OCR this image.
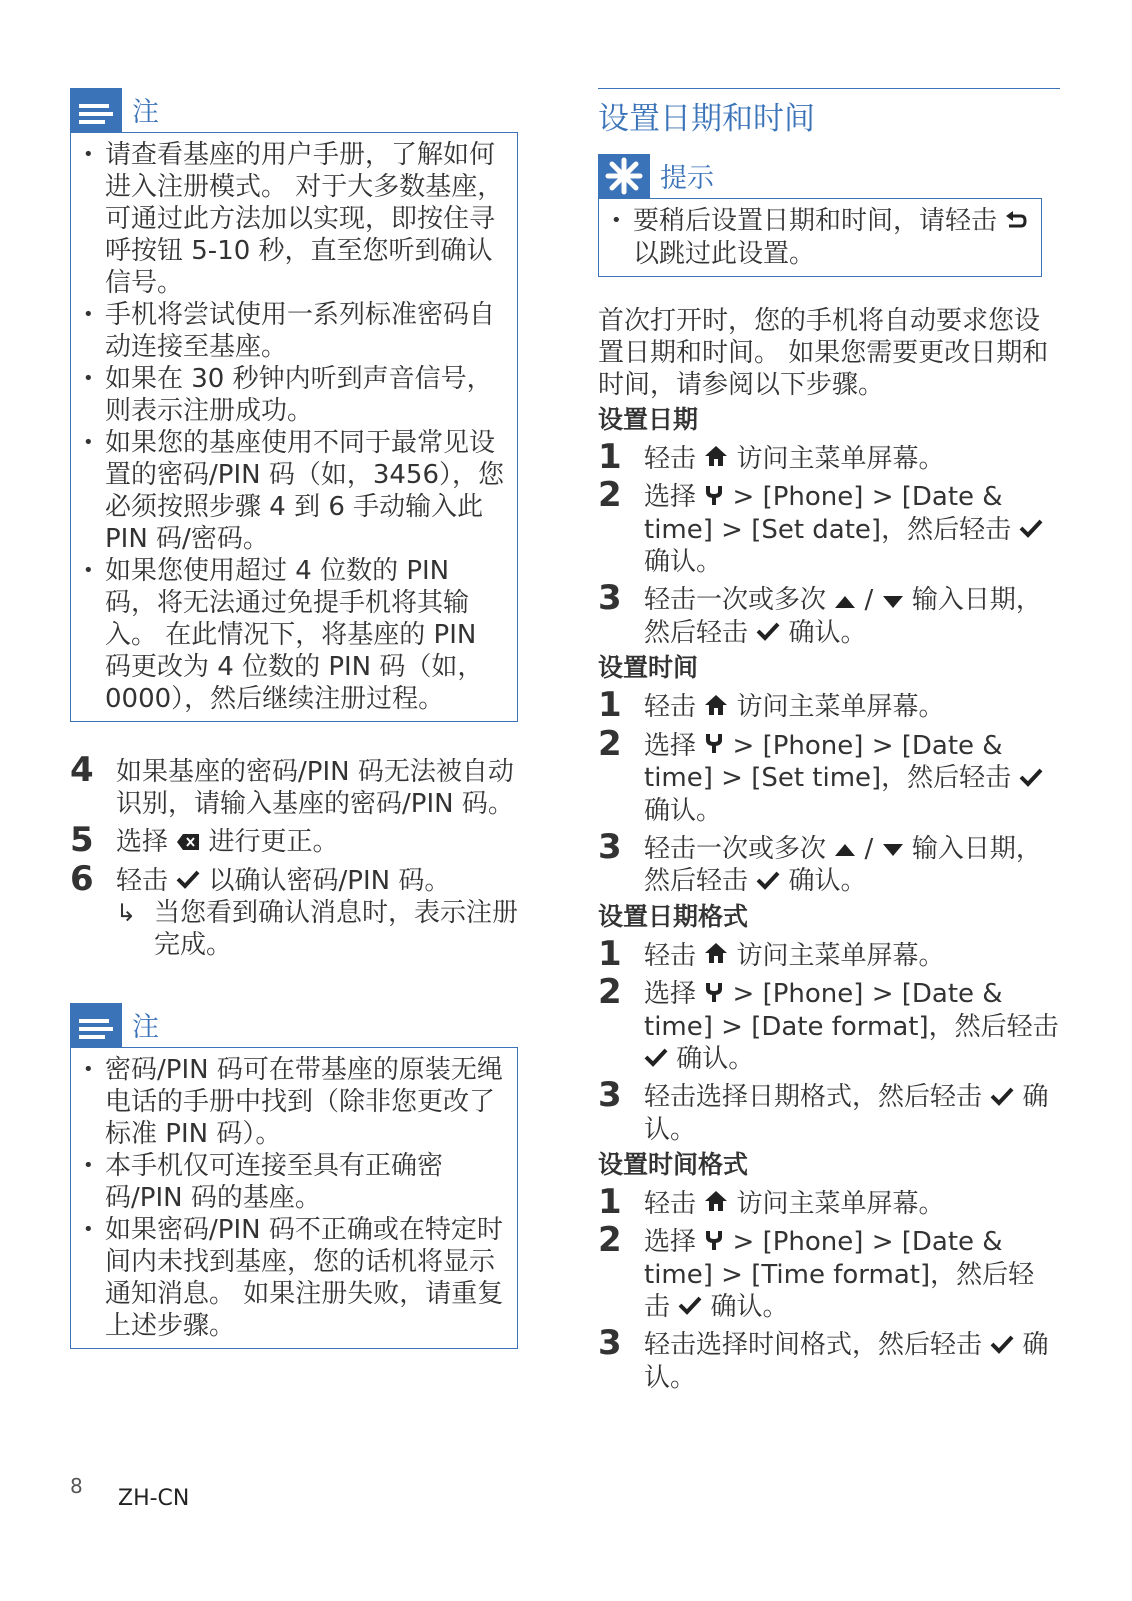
注
• 请查看基座的用户手册，了解如何进入注册模式。 对于大多数基座，可通过此方法加以实现，即按住寻呼按钮 5-10 秒，直至您听到确认信号。
• 手机将尝试使用一系列标准密码自动连接至基座。
• 如果在 30 秒钟内听到声音信号，则表示注册成功。
• 如果您的基座使用不同于最常见设置的密码/PIN 码（如，3456），您必须按照步骤 4 到 6 手动输入此 PIN 码/密码。
• 如果您使用超过 4 位数的 PIN 码，将无法通过免提手机将其输入。 在此情况下，将基座的 PIN 码更改为 4 位数的 PIN 码（如，0000），然后继续注册过程。
4 如果基座的密码/PIN 码无法被自动识别，请输入基座的密码/PIN 码。
5 选择 进行更正。
6 轻击 以确认密码/PIN 码。
↳ 当您看到确认消息时，表示注册完成。
注
• 密码/PIN 码可在带基座的原装无绳电话的手册中找到（除非您更改了标准 PIN 码）。
• 本手机仅可连接至具有正确密码/PIN 码的基座。
• 如果密码/PIN 码不正确或在特定时间内未找到基座，您的话机将显示通知消息。 如果注册失败，请重复上述步骤。
设置日期和时间
提示
• 要稍后设置日期和时间，请轻击  以跳过此设置。
首次打开时，您的手机将自动要求您设置日期和时间。 如果您需要更改日期和时间，请参阅以下步骤。
设置日期
1 轻击 访问主菜单屏幕。
2 选择 > [Phone] > [Date & time] > [Set date]，然后轻击  确认。
3 轻击一次或多次 / 输入日期，然后轻击 确认。
设置时间
1 轻击 访问主菜单屏幕。
2 选择 > [Phone] > [Date & time] > [Set time]，然后轻击  确认。
3 轻击一次或多次 / 输入日期，然后轻击 确认。
设置日期格式
1 轻击 访问主菜单屏幕。
2 选择 > [Phone] > [Date & time] > [Date format]，然后轻击  确认。
3 轻击选择日期格式，然后轻击 确认。
设置时间格式
1 轻击 访问主菜单屏幕。
2 选择 > [Phone] > [Date & time] > [Time format]，然后轻击 确认。
3 轻击选择时间格式，然后轻击 确认。
8 ZH-CN
